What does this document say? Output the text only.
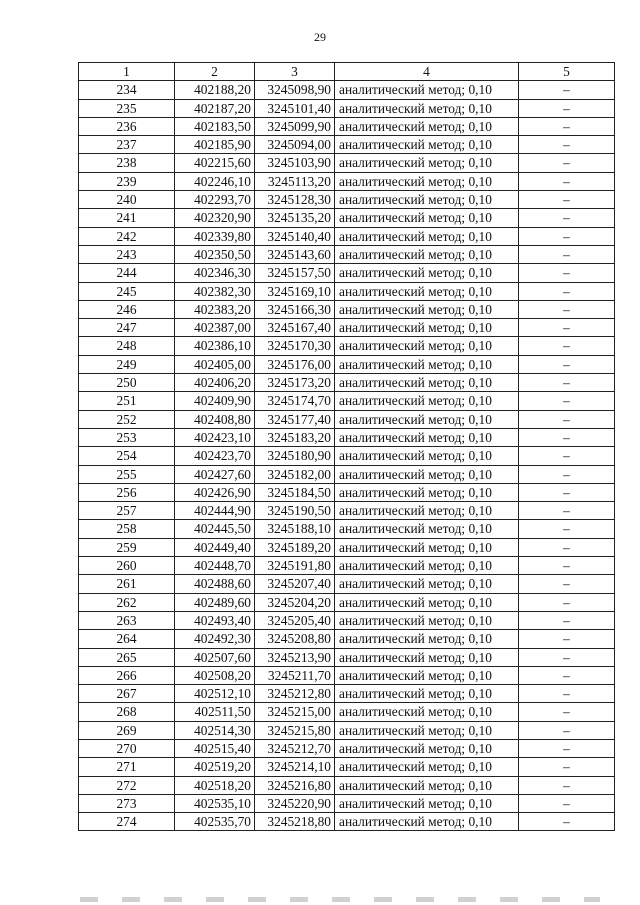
29
1	2	3	4	5
234	402188,20	3245098,90	аналитический метод; 0,10	–
235	402187,20	3245101,40	аналитический метод; 0,10	–
236	402183,50	3245099,90	аналитический метод; 0,10	–
237	402185,90	3245094,00	аналитический метод; 0,10	–
238	402215,60	3245103,90	аналитический метод; 0,10	–
239	402246,10	3245113,20	аналитический метод; 0,10	–
240	402293,70	3245128,30	аналитический метод; 0,10	–
241	402320,90	3245135,20	аналитический метод; 0,10	–
242	402339,80	3245140,40	аналитический метод; 0,10	–
243	402350,50	3245143,60	аналитический метод; 0,10	–
244	402346,30	3245157,50	аналитический метод; 0,10	–
245	402382,30	3245169,10	аналитический метод; 0,10	–
246	402383,20	3245166,30	аналитический метод; 0,10	–
247	402387,00	3245167,40	аналитический метод; 0,10	–
248	402386,10	3245170,30	аналитический метод; 0,10	–
249	402405,00	3245176,00	аналитический метод; 0,10	–
250	402406,20	3245173,20	аналитический метод; 0,10	–
251	402409,90	3245174,70	аналитический метод; 0,10	–
252	402408,80	3245177,40	аналитический метод; 0,10	–
253	402423,10	3245183,20	аналитический метод; 0,10	–
254	402423,70	3245180,90	аналитический метод; 0,10	–
255	402427,60	3245182,00	аналитический метод; 0,10	–
256	402426,90	3245184,50	аналитический метод; 0,10	–
257	402444,90	3245190,50	аналитический метод; 0,10	–
258	402445,50	3245188,10	аналитический метод; 0,10	–
259	402449,40	3245189,20	аналитический метод; 0,10	–
260	402448,70	3245191,80	аналитический метод; 0,10	–
261	402488,60	3245207,40	аналитический метод; 0,10	–
262	402489,60	3245204,20	аналитический метод; 0,10	–
263	402493,40	3245205,40	аналитический метод; 0,10	–
264	402492,30	3245208,80	аналитический метод; 0,10	–
265	402507,60	3245213,90	аналитический метод; 0,10	–
266	402508,20	3245211,70	аналитический метод; 0,10	–
267	402512,10	3245212,80	аналитический метод; 0,10	–
268	402511,50	3245215,00	аналитический метод; 0,10	–
269	402514,30	3245215,80	аналитический метод; 0,10	–
270	402515,40	3245212,70	аналитический метод; 0,10	–
271	402519,20	3245214,10	аналитический метод; 0,10	–
272	402518,20	3245216,80	аналитический метод; 0,10	–
273	402535,10	3245220,90	аналитический метод; 0,10	–
274	402535,70	3245218,80	аналитический метод; 0,10	–
